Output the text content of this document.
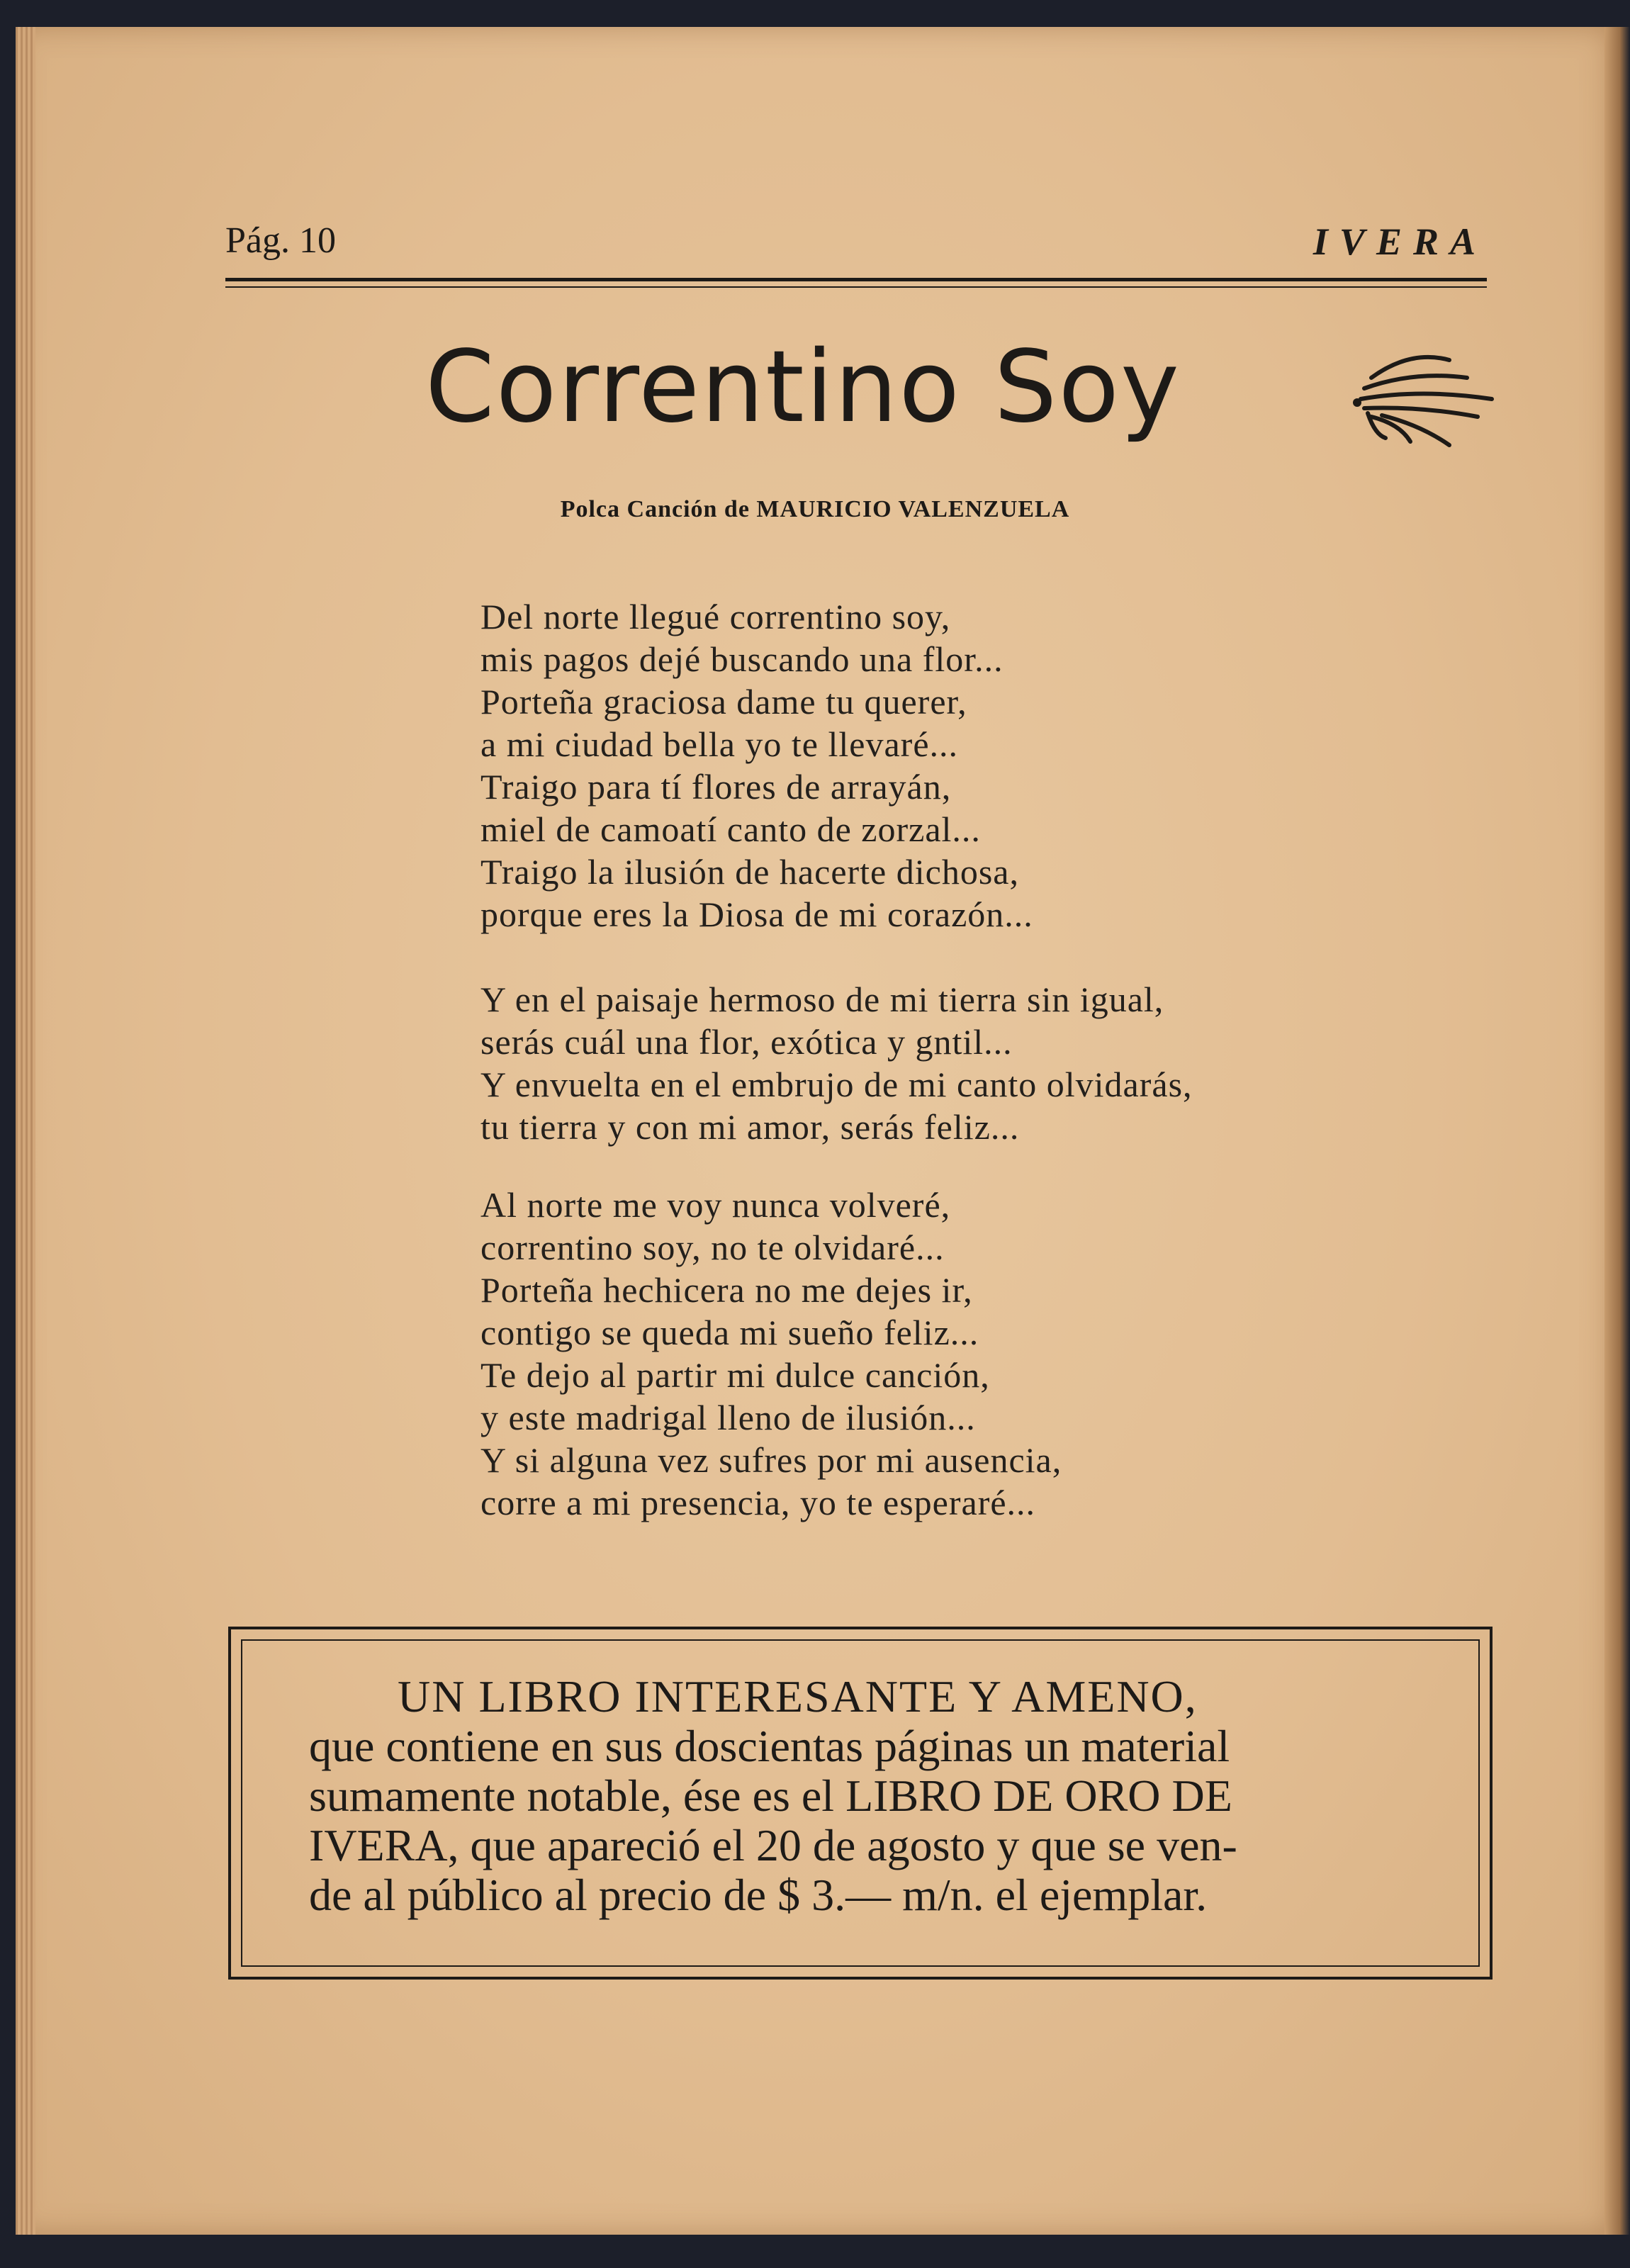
Pág. 10	IVERA
Correntino Soy
Polca Canción de MAURICIO VALENZUELA
Del norte llegué correntino soy,
mis pagos dejé buscando una flor...
Porteña graciosa dame tu querer,
a mi ciudad bella yo te llevaré...
Traigo para tí flores de arrayán,
miel de camoatí canto de zorzal...
Traigo la ilusión de hacerte dichosa,
porque eres la Diosa de mi corazón...
Y en el paisaje hermoso de mi tierra sin igual,
serás cuál una flor, exótica y gntil...
Y envuelta en el embrujo de mi canto olvidarás,
tu tierra y con mi amor, serás feliz...
Al norte me voy nunca volveré,
correntino soy, no te olvidaré...
Porteña hechicera no me dejes ir,
contigo se queda mi sueño feliz...
Te dejo al partir mi dulce canción,
y este madrigal lleno de ilusión...
Y si alguna vez sufres por mi ausencia,
corre a mi presencia, yo te esperaré...
UN LIBRO INTERESANTE Y AMENO,
que contiene en sus doscientas páginas un material
sumamente notable, ése es el LIBRO DE ORO DE
IVERA, que apareció el 20 de agosto y que se ven-
de al público al precio de $ 3.— m/n. el ejemplar.
